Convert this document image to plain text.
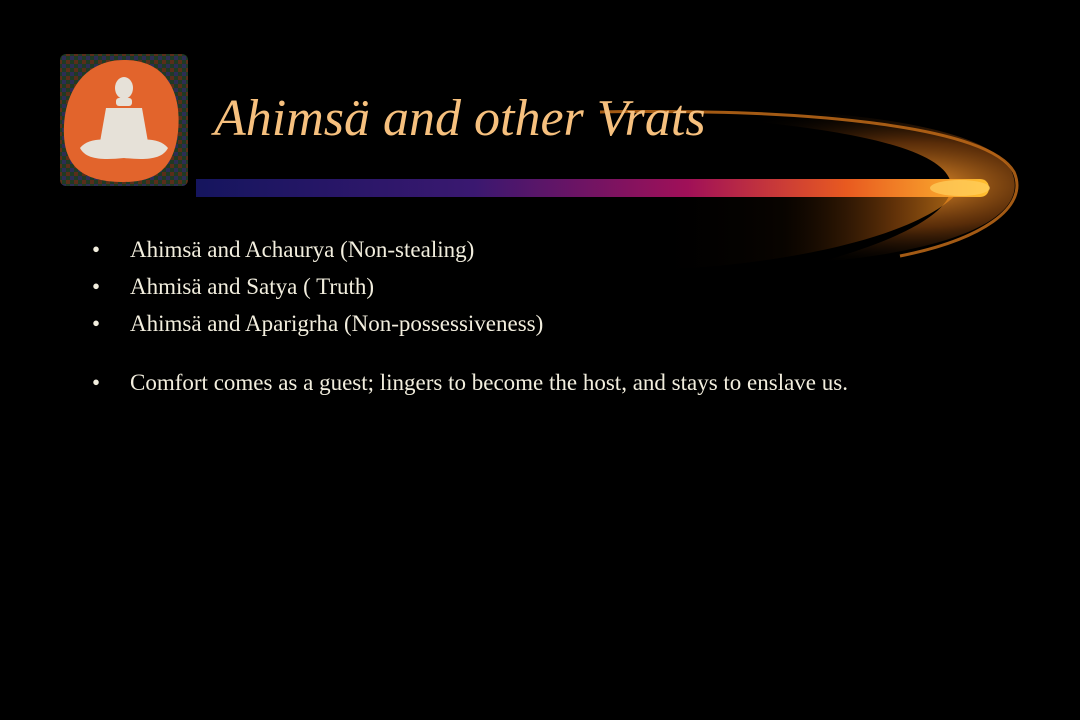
Ahimsä and other Vrats
•	Ahimsä and Achaurya (Non-stealing)
•	Ahmisä and Satya ( Truth)
•	Ahimsä and Aparigrha (Non-possessiveness)
•	Comfort comes as a guest; lingers to become the host, and stays to enslave us.
